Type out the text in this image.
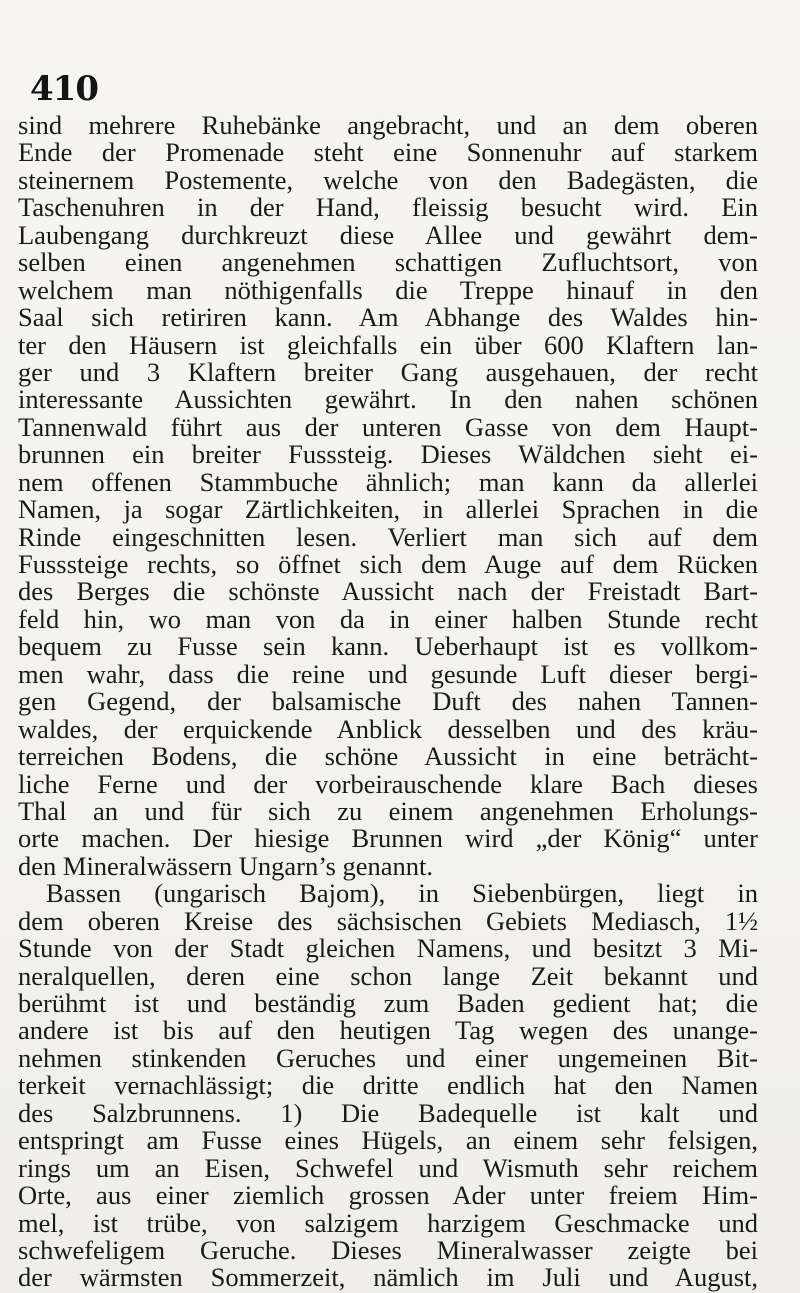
410
sind mehrere Ruhebänke angebracht, und an dem oberen
Ende der Promenade steht eine Sonnenuhr auf starkem
steinernem Postemente, welche von den Badegästen, die
Taschenuhren in der Hand, fleissig besucht wird. Ein
Laubengang durchkreuzt diese Allee und gewährt dem-
selben einen angenehmen schattigen Zufluchtsort, von
welchem man nöthigenfalls die Treppe hinauf in den
Saal sich retiriren kann. Am Abhange des Waldes hin-
ter den Häusern ist gleichfalls ein über 600 Klaftern lan-
ger und 3 Klaftern breiter Gang ausgehauen, der recht
interessante Aussichten gewährt. In den nahen schönen
Tannenwald führt aus der unteren Gasse von dem Haupt-
brunnen ein breiter Fusssteig. Dieses Wäldchen sieht ei-
nem offenen Stammbuche ähnlich; man kann da allerlei
Namen, ja sogar Zärtlichkeiten, in allerlei Sprachen in die
Rinde eingeschnitten lesen. Verliert man sich auf dem
Fusssteige rechts, so öffnet sich dem Auge auf dem Rücken
des Berges die schönste Aussicht nach der Freistadt Bart-
feld hin, wo man von da in einer halben Stunde recht
bequem zu Fusse sein kann. Ueberhaupt ist es vollkom-
men wahr, dass die reine und gesunde Luft dieser bergi-
gen Gegend, der balsamische Duft des nahen Tannen-
waldes, der erquickende Anblick desselben und des kräu-
terreichen Bodens, die schöne Aussicht in eine beträcht-
liche Ferne und der vorbeirauschende klare Bach dieses
Thal an und für sich zu einem angenehmen Erholungs-
orte machen. Der hiesige Brunnen wird „der König“ unter
den Mineralwässern Ungarn’s genannt.
Bassen (ungarisch Bajom), in Siebenbürgen, liegt in
dem oberen Kreise des sächsischen Gebiets Mediasch, 1½
Stunde von der Stadt gleichen Namens, und besitzt 3 Mi-
neralquellen, deren eine schon lange Zeit bekannt und
berühmt ist und beständig zum Baden gedient hat; die
andere ist bis auf den heutigen Tag wegen des unange-
nehmen stinkenden Geruches und einer ungemeinen Bit-
terkeit vernachlässigt; die dritte endlich hat den Namen
des Salzbrunnens. 1) Die Badequelle ist kalt und
entspringt am Fusse eines Hügels, an einem sehr felsigen,
rings um an Eisen, Schwefel und Wismuth sehr reichem
Orte, aus einer ziemlich grossen Ader unter freiem Him-
mel, ist trübe, von salzigem harzigem Geschmacke und
schwefeligem Geruche. Dieses Mineralwasser zeigte bei
der wärmsten Sommerzeit, nämlich im Juli und August,
